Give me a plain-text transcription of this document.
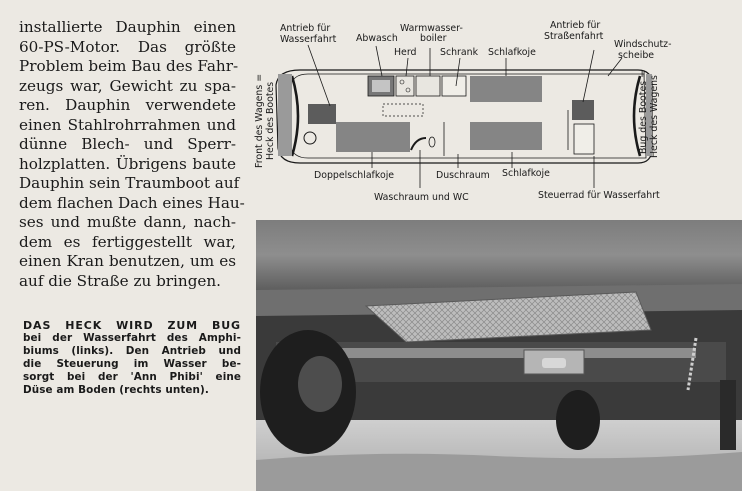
installierte Dauphin einen
60-PS-Motor. Das größte
Problem beim Bau des Fahr-
zeugs war, Gewicht zu spa-
ren. Dauphin verwendete
einen Stahlrohrrahmen und
dünne Blech- und Sperr-
holzplatten. Übrigens baute
Dauphin sein Traumboot auf
dem flachen Dach eines Hau-
ses und mußte dann, nach-
dem es fertiggestellt war,
einen Kran benutzen, um es
auf die Straße zu bringen.
DAS HECK WIRD ZUM BUG
bei der Wasserfahrt des Amphi-
biums (links). Den Antrieb und
die Steuerung im Wasser be-
sorgt bei der 'Ann Phibi' eine
Düse am Boden (rechts unten).
Antrieb für
Wasserfahrt Abwasch
Warmwasser-
boiler
Herd	Schrank Schlafkoje
Antrieb für
Straßenfahrt
Windschutz-
scheibe
Front des Wagens = Heck des Bootes	Bug des Bootes = Heck des Wagens
Doppelschlafkoje	Duschraum Schlafkoje
Waschraum und WC	Steuerrad für Wasserfahrt
